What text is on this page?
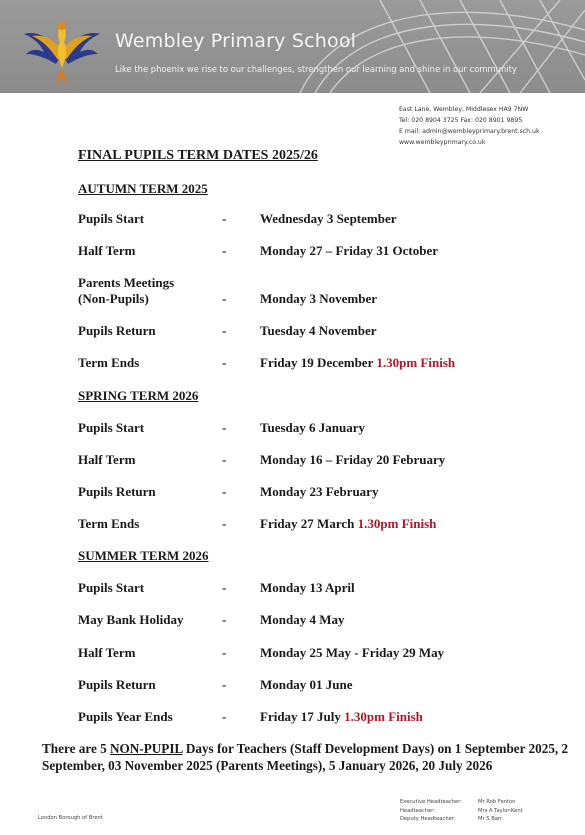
Wembley Primary School
Like the phoenix we rise to our challenges, strengthen our learning and shine in our community
East Lane, Wembley, Middlesex HA9 7NW
Tel: 020 8904 3725 Fax: 020 8901 9895
E mail: admin@wembleyprimary.brent.sch.uk
www.wembleyprimary.co.uk
FINAL PUPILS TERM DATES 2025/26
AUTUMN TERM 2025
Pupils Start	-	Wednesday 3 September
Half Term	-	Monday 27 – Friday 31 October
Parents Meetings
(Non-Pupils)	-	Monday 3 November
Pupils Return	-	Tuesday 4 November
Term Ends	-	Friday 19 December 1.30pm Finish
SPRING TERM 2026
Pupils Start	-	Tuesday 6 January
Half Term	-	Monday 16 – Friday 20 February
Pupils Return	-	Monday 23 February
Term Ends	-	Friday 27 March 1.30pm Finish
SUMMER TERM 2026
Pupils Start	-	Monday 13 April
May Bank Holiday	-	Monday 4 May
Half Term	-	Monday 25 May - Friday 29 May
Pupils Return	-	Monday 01 June
Pupils Year Ends	-	Friday 17 July 1.30pm Finish
There are 5 NON-PUPIL Days for Teachers (Staff Development Days) on 1 September 2025, 2 September, 03 November 2025 (Parents Meetings), 5 January 2026, 20 July 2026
London Borough of Brent
Executive Headteacher:	Mr Rob Fenton
Headteacher:	Mrs A Taylor-Kent
Deputy Headteacher:	Mr S Barr
